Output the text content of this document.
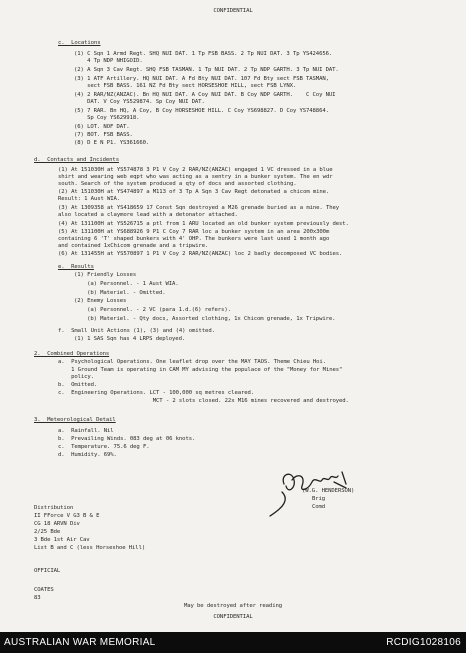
CONFIDENTIAL
c.  Locations
(1) C Sqn 1 Armd Regt. SHQ NUI DAT. 1 Tp FSB BASS. 2 Tp NUI DAT. 3 Tp YS424656.
4 Tp NDP NHIGOID.
(2) A Sqn 3 Cav Regt. SHQ FSB TASMAN. 1 Tp NUI DAT. 2 Tp NDP GARTH. 3 Tp NUI DAT.
(3) 1 ATF Artillery. HQ NUI DAT. A Fd Bty NUI DAT. 107 Fd Bty sect FSB TASMAN,
sect FSB BASS. 161 NZ Fd Bty sect HORSESHOE HILL, sect FSB LYNX.
(4) 2 RAR/NZ(ANZAC). Bn HQ NUI DAT. A Coy NUI DAT. B Coy NDP GARTH.    C Coy NUI
DAT. V Coy YS529874. Sp Coy NUI DAT.
(5) 7 RAR. Bn HQ, A Coy, B Coy HORSESHOE HILL. C Coy YS698827. D Coy YS748864.
Sp Coy YS629918.
(6) LOT. NOF DAT.
(7) BOT. FSB BASS.
(8) D E N P1. YS361660.
d.  Contacts and Incidents
(1) At 151030H at YS574878 3 P1 V Coy 2 RAR/NZ(ANZAC) engaged 1 VC dressed in a blue
shirt and wearing web eqpt who was acting as a sentry in a bunker system. The en wdr
south. Search of the system produced a qty of docs and assorted clothing.
(2) At 151030H at YS474897 a M113 of 3 Tp A Sqn 3 Cav Regt detonated a chicom mine.
Result: 1 Aust WIA.
(3) At 1309358 at YS418659 17 Const Sqn destroyed a M26 grenade buried as a mine. They
also located a claymore lead with a detonator attached.
(4) At 131100H at YS526715 a ptl from 1 ARU located an old bunker system previously dest.
(5) At 131100H at YS688926 9 P1 C Coy 7 RAR loc a bunker system in an area 200x300m
containing 6 'T' shaped bunkers with 4' OHP. The bunkers were last used 1 month ago
and contained 1xChicom grenade and a tripwire.
(6) At 131455H at YS570897 1 P1 V Coy 2 RAR/NZ(ANZAC) loc 2 badly decomposed VC bodies.
e.  Results
(1) Friendly Losses
(a) Personnel. - 1 Aust WIA.
(b) Materiel. - Omitted.
(2) Enemy Losses
(a) Personnel. - 2 VC (para 1.d.(6) refers).
(b) Materiel. - Qty docs, Assorted clothing, 1x Chicom grenade, 1x Tripwire.
f.  Small Unit Actions (1), (3) and (4) omitted.
(1) 1 SAS Sqn has 4 LRPS deployed.
2.  Combined Operations
a.  Psychological Operations. One leaflet drop over the MAY TAOS. Theme Chieu Hoi.
1 Ground Team is operating in CAM MY advising the populace of the "Money for Mines"
policy.
b.  Omitted.
c.  Engineering Operations. LCT - 100,000 sq metres cleared.
MCT - 2 slots closed. 22x M16 mines recovered and destroyed.
3.  Meteorological Detail
a.  Rainfall. Nil
b.  Prevailing Winds. 083 deg at 06 knots.
c.  Temperature. 75.6 deg F.
d.  Humidity. 69%.
(W.G. HENDERSON)
Brig
Comd
Distribution
II FForce V G3 B & E
CG 18 ARVN Div
2/25 Bde
3 Bde 1st Air Cav
List B and C (less Horseshoe Hill)
OFFICIAL
COATES
83
May be destroyed after reading
CONFIDENTIAL
AUSTRALIAN WAR MEMORIAL	RCDIG1028106
